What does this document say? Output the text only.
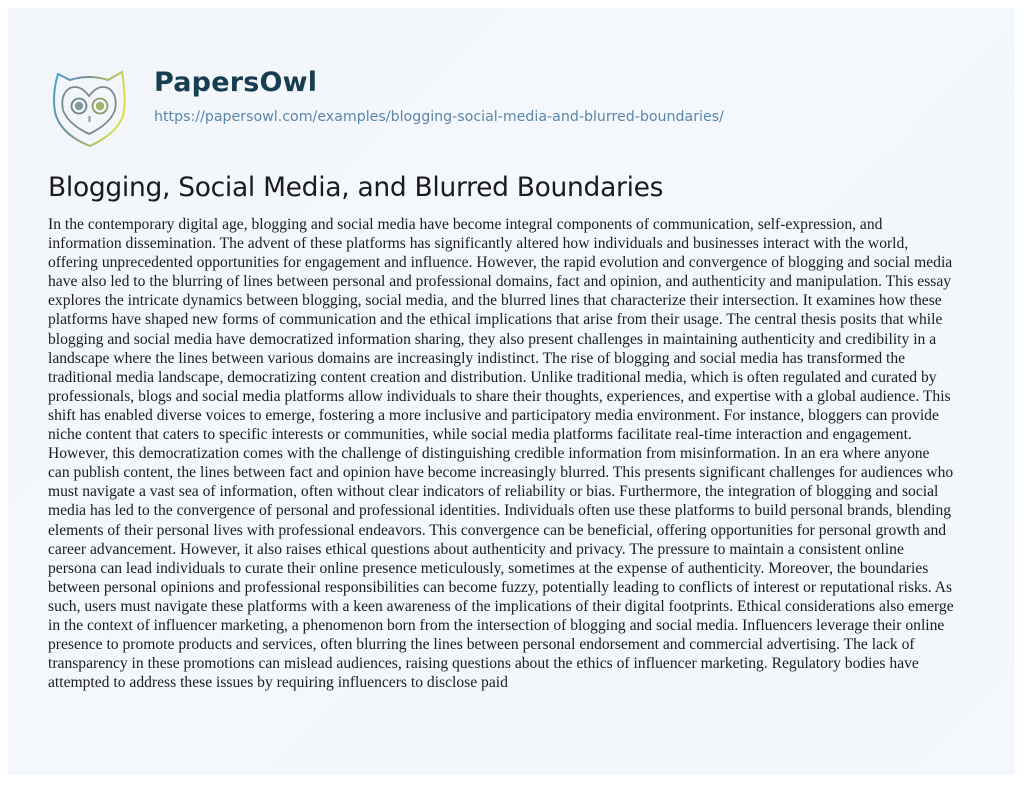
PapersOwl
https://papersowl.com/examples/blogging-social-media-and-blurred-boundaries/
Blogging, Social Media, and Blurred Boundaries
In the contemporary digital age, blogging and social media have become integral components of communication, self-expression, and
information dissemination. The advent of these platforms has significantly altered how individuals and businesses interact with the world,
offering unprecedented opportunities for engagement and influence. However, the rapid evolution and convergence of blogging and social media
have also led to the blurring of lines between personal and professional domains, fact and opinion, and authenticity and manipulation. This essay
explores the intricate dynamics between blogging, social media, and the blurred lines that characterize their intersection. It examines how these
platforms have shaped new forms of communication and the ethical implications that arise from their usage. The central thesis posits that while
blogging and social media have democratized information sharing, they also present challenges in maintaining authenticity and credibility in a
landscape where the lines between various domains are increasingly indistinct. The rise of blogging and social media has transformed the
traditional media landscape, democratizing content creation and distribution. Unlike traditional media, which is often regulated and curated by
professionals, blogs and social media platforms allow individuals to share their thoughts, experiences, and expertise with a global audience. This
shift has enabled diverse voices to emerge, fostering a more inclusive and participatory media environment. For instance, bloggers can provide
niche content that caters to specific interests or communities, while social media platforms facilitate real-time interaction and engagement.
However, this democratization comes with the challenge of distinguishing credible information from misinformation. In an era where anyone
can publish content, the lines between fact and opinion have become increasingly blurred. This presents significant challenges for audiences who
must navigate a vast sea of information, often without clear indicators of reliability or bias. Furthermore, the integration of blogging and social
media has led to the convergence of personal and professional identities. Individuals often use these platforms to build personal brands, blending
elements of their personal lives with professional endeavors. This convergence can be beneficial, offering opportunities for personal growth and
career advancement. However, it also raises ethical questions about authenticity and privacy. The pressure to maintain a consistent online
persona can lead individuals to curate their online presence meticulously, sometimes at the expense of authenticity. Moreover, the boundaries
between personal opinions and professional responsibilities can become fuzzy, potentially leading to conflicts of interest or reputational risks. As
such, users must navigate these platforms with a keen awareness of the implications of their digital footprints. Ethical considerations also emerge
in the context of influencer marketing, a phenomenon born from the intersection of blogging and social media. Influencers leverage their online
presence to promote products and services, often blurring the lines between personal endorsement and commercial advertising. The lack of
transparency in these promotions can mislead audiences, raising questions about the ethics of influencer marketing. Regulatory bodies have
attempted to address these issues by requiring influencers to disclose paid
